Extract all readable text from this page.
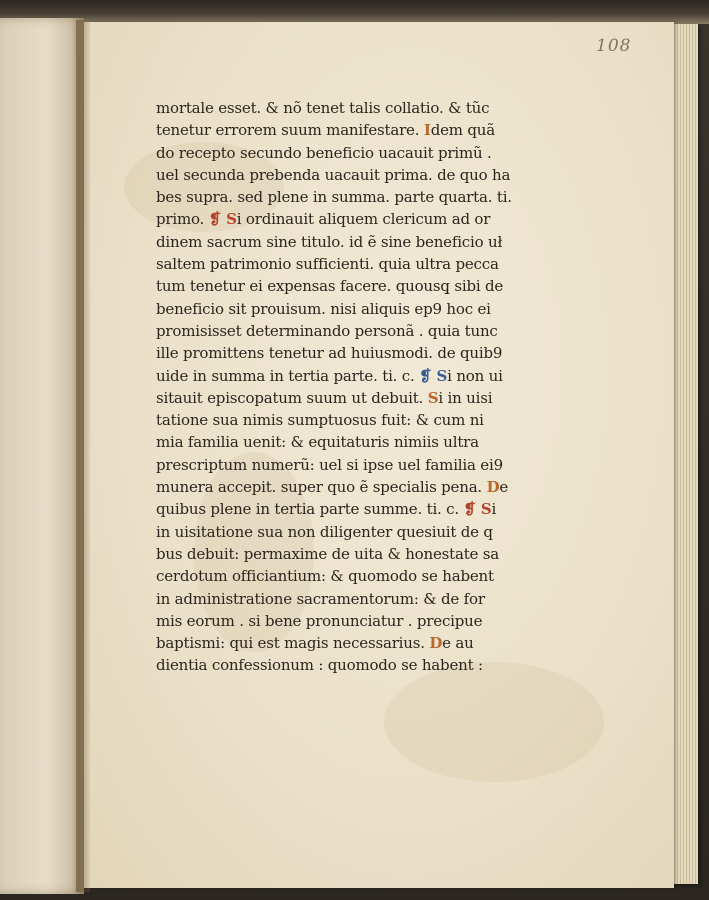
108
mortale esset. & nõ tenet talis collatio. & tũc
tenetur errorem suum manifestare. Idem quã
do recepto secundo beneficio uacauit primũ .
uel secunda prebenda uacauit prima. de quo ha
bes supra. sed plene in summa. parte quarta. ti.
primo. ❡ Si ordinauit aliquem clericum ad or
dinem sacrum sine titulo. id ẽ sine beneficio uł
saltem patrimonio sufficienti. quia ultra pecca
tum tenetur ei expensas facere. quousq̧ sibi de
beneficio sit prouisum. nisi aliquis ep9 hoc ei
promisisset determinando personã . quia tunc
ille promittens tenetur ad huiusmodi. de quib9
uide in summa in tertia parte. ti. c. ❡ Si non ui
sitauit episcopatum suum ut debuit. Si in uisi
tatione sua nimis sumptuosus fuit: & cum ni
mia familia uenit: & equitaturis nimiis ultra
prescriptum numerũ: uel si ipse uel familia ei9
munera accepit. super quo ẽ specialis pena. De
quibus plene in tertia parte summe. ti. c. ❡ Si
in uisitatione sua non diligenter quesiuit de q
bus debuit: permaxime de uita & honestate sa
cerdotum officiantium: & quomodo se habent
in administratione sacramentorum: & de for
mis eorum . si bene pronunciatur . precipue
baptismi: qui est magis necessarius. De au
dientia confessionum : quomodo se habent :
